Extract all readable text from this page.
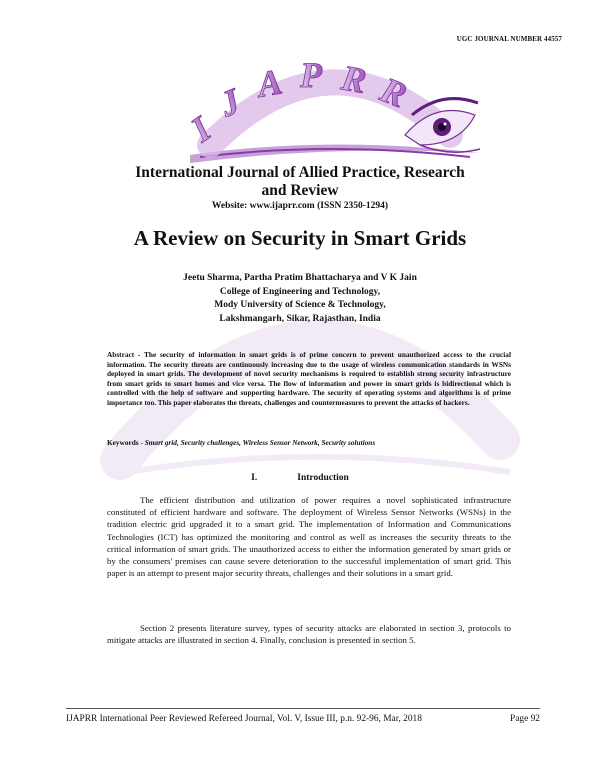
UGC JOURNAL NUMBER 44557
I
J A P R R
International Journal of Allied Practice, Research
and Review
Website: www.ijaprr.com (ISSN 2350-1294)
A Review on Security in Smart Grids
Jeetu Sharma, Partha Pratim Bhattacharya and V K Jain
College of Engineering and Technology,
Mody University of Science & Technology,
Lakshmangarh, Sikar, Rajasthan, India
Abstract - The security of information in smart grids is of prime concern to prevent unauthorized access to the crucial information. The security threats are continuously increasing due to the usage of wireless communication standards in WSNs deployed in smart grids. The development of novel security mechanisms is required to establish strong security infrastructure from smart grids to smart homes and vice versa. The flow of information and power in smart grids is bidirectional which is controlled with the help of software and supporting hardware. The security of operating systems and algorithms is of prime importance too. This paper elaborates the threats, challenges and countermeasures to prevent the attacks of hackers.
Keywords - Smart grid, Security challenges, Wireless Sensor Network, Security solutions
I.	Introduction
The efficient distribution and utilization of power requires a novel sophisticated infrastructure constituted of efficient hardware and software. The deployment of Wireless Sensor Networks (WSNs) in the tradition electric grid upgraded it to a smart grid. The implementation of Information and Communications Technologies (ICT) has optimized the monitoring and control as well as increases the security threats to the critical information of smart grids. The unauthorized access to either the information generated by smart grids or by the consumers' premises can cause severe deterioration to the successful implementation of smart grid. This paper is an attempt to present major security threats, challenges and their solutions in a smart grid.
Section 2 presents literature survey, types of security attacks are elaborated in section 3, protocols to mitigate attacks are illustrated in section 4. Finally, conclusion is presented in section 5.
IJAPRR International Peer Reviewed Refereed Journal, Vol. V, Issue III, p.n. 92-96, Mar, 2018	Page 92
